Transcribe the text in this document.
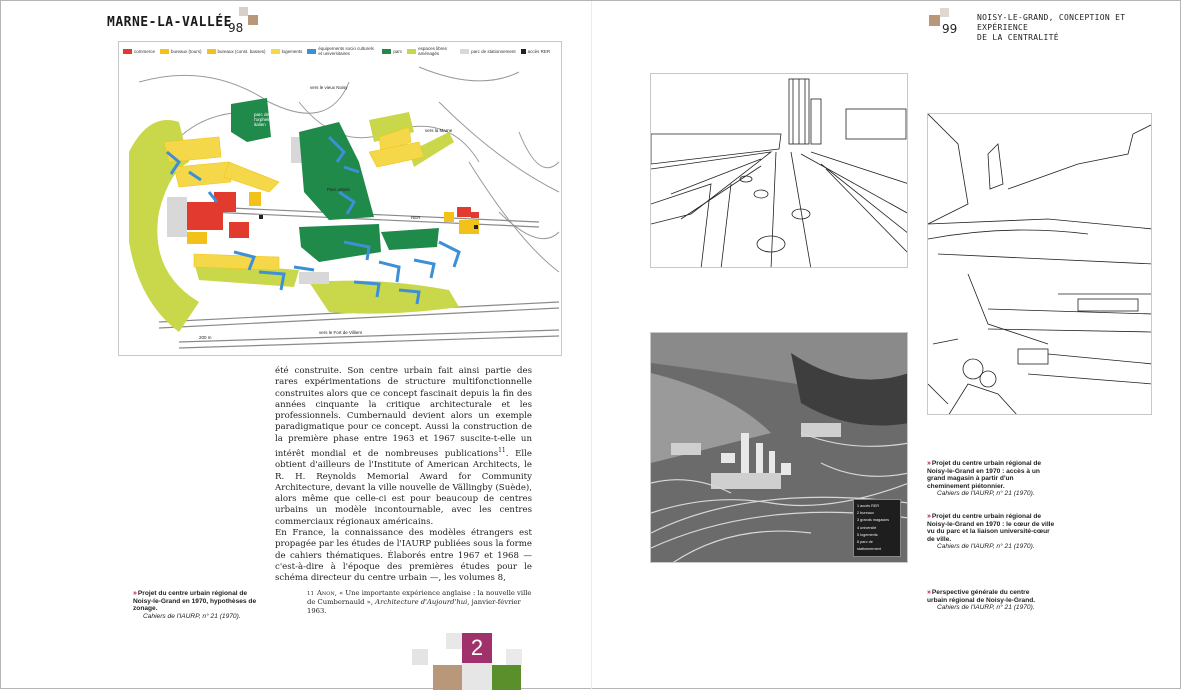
MARNE-LA-VALLÉE
98	99
NOISY-LE-GRAND, CONCEPTION ET EXPÉRIENCE
DE LA CENTRALITÉ
commerce	bureaux (tours)	bureaux (const. basses)	logements	équipements socio culturels et universitaires	parc	espaces libres aménagés	parc de stationnement	accès RER
vers le vieux Noisy
parc de l'orphelinat italien
vers la Marne
Parc urbain
RER
vers le Fort de Villiers
200 m

été construite. Son centre urbain fait ainsi partie des rares expérimentations de structure multifonctionnelle construites alors que ce concept fascinait depuis la fin des années cinquante la critique architecturale et les professionnels. Cumbernauld devient alors un exemple paradigmatique pour ce concept. Aussi la construction de la première phase entre 1963 et 1967 suscite-t-elle un intérêt mondial et de nombreuses publications$^{11}$. Elle obtient d'ailleurs de l'Institute of American Architects, le R. H. Reynolds Memorial Award for Community Architecture, devant la ville nouvelle de Vällingby (Suède), alors même que celle-ci est pour beaucoup de centres urbains un modèle incontournable, avec les centres commerciaux régionaux américains.

En France, la connaissance des modèles étrangers est propagée par les études de l'IAURP publiées sous la forme de cahiers thématiques. Élaborés entre 1967 et 1968 — c'est-à-dire à l'époque des premières études pour le schéma directeur du centre urbain —, les volumes 8,

»Projet du centre urbain régional de Noisy-le-Grand en 1970, hypothèses de zonage.
Cahiers de l'IAURP, n° 21 (1970).
11 Anon, « Une importante expérience anglaise : la nouvelle ville de Cumbernauld », Architecture d'Aujourd'hui, janvier-février 1963.
2
1 accès RER
2 bureaux
3 grands magasins
4 université
5 logements
6 parc de stationnement
»Projet du centre urbain régional de Noisy-le-Grand en 1970 : accès à un grand magasin à partir d'un cheminement piétonnier.
Cahiers de l'IAURP, n° 21 (1970).
»Projet du centre urbain régional de Noisy-le-Grand en 1970 : le cœur de ville vu du parc et la liaison université-cœur de ville.
Cahiers de l'IAURP, n° 21 (1970).
»Perspective générale du centre urbain régional de Noisy-le-Grand.
Cahiers de l'IAURP, n° 21 (1970).
